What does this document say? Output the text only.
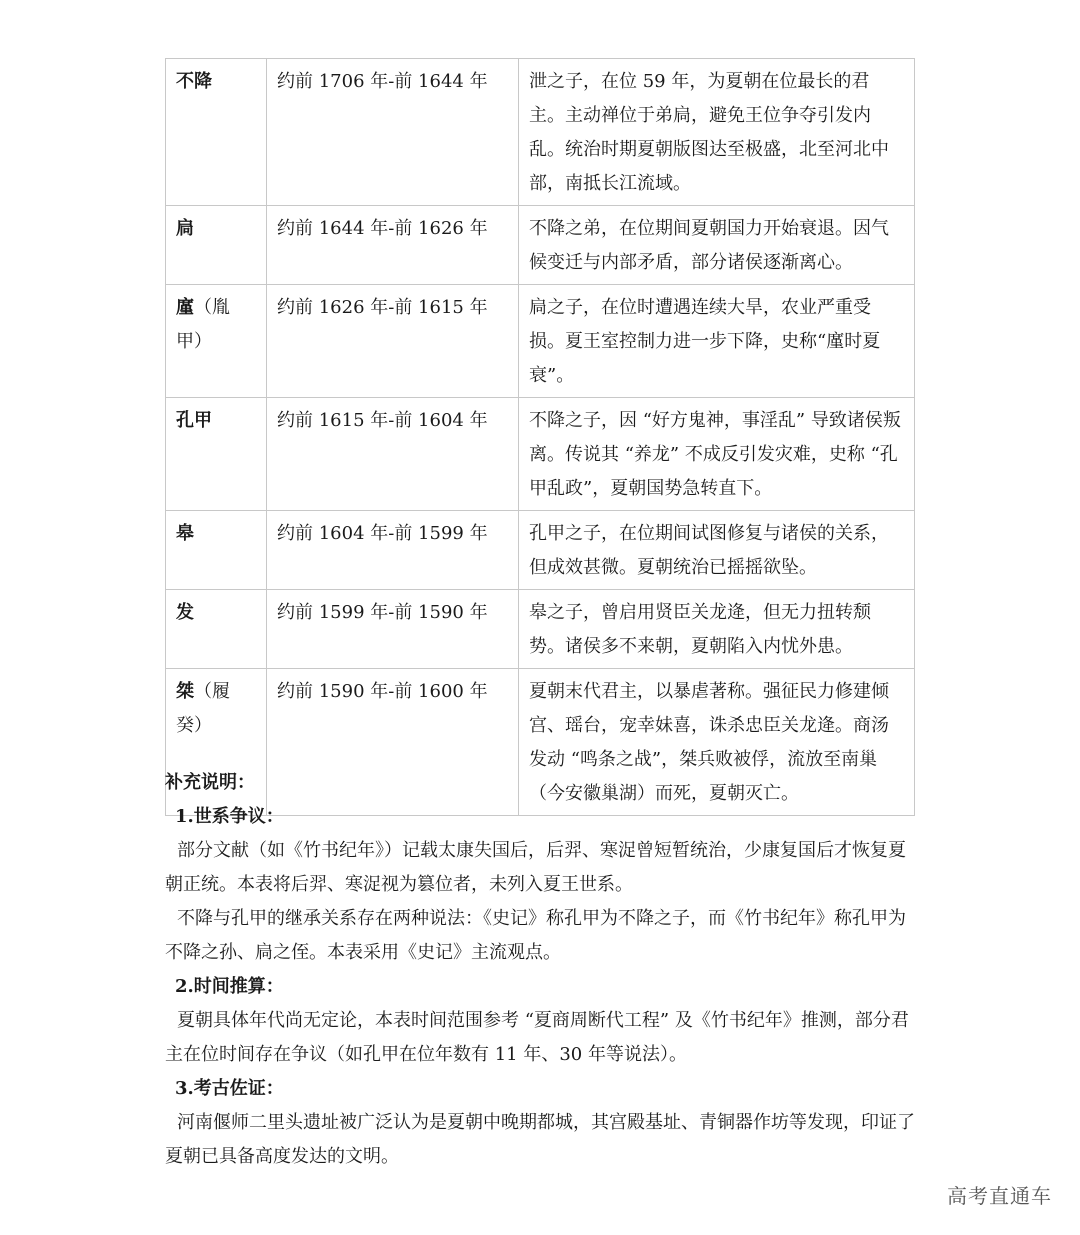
不降	约前 1706 年-前 1644 年	泄之子，在位 59 年，为夏朝在位最长的君主。主动禅位于弟扃，避免王位争夺引发内乱。统治时期夏朝版图达至极盛，北至河北中部，南抵长江流域。
扃	约前 1644 年-前 1626 年	不降之弟，在位期间夏朝国力开始衰退。因气候变迁与内部矛盾，部分诸侯逐渐离心。
廑（胤甲）	约前 1626 年-前 1615 年	扃之子，在位时遭遇连续大旱，农业严重受损。夏王室控制力进一步下降，史称“廑时夏衰”。
孔甲	约前 1615 年-前 1604 年	不降之子，因 “好方鬼神，事淫乱” 导致诸侯叛离。传说其 “养龙” 不成反引发灾难，史称 “孔甲乱政”，夏朝国势急转直下。
皋	约前 1604 年-前 1599 年	孔甲之子，在位期间试图修复与诸侯的关系，但成效甚微。夏朝统治已摇摇欲坠。
发	约前 1599 年-前 1590 年	皋之子，曾启用贤臣关龙逄，但无力扭转颓势。诸侯多不来朝，夏朝陷入内忧外患。
桀（履癸）	约前 1590 年-前 1600 年	夏朝末代君主，以暴虐著称。强征民力修建倾宫、瑶台，宠幸妹喜，诛杀忠臣关龙逄。商汤发动 “鸣条之战”，桀兵败被俘，流放至南巢（今安徽巢湖）而死，夏朝灭亡。
补充说明：
1.世系争议：

部分文献（如《竹书纪年》）记载太康失国后，后羿、寒浞曾短暂统治，少康复国后才恢复夏朝正统。本表将后羿、寒浞视为篡位者，未列入夏王世系。

不降与孔甲的继承关系存在两种说法：《史记》称孔甲为不降之子，而《竹书纪年》称孔甲为不降之孙、扃之侄。本表采用《史记》主流观点。

2.时间推算：

夏朝具体年代尚无定论，本表时间范围参考 “夏商周断代工程” 及《竹书纪年》推测，部分君主在位时间存在争议（如孔甲在位年数有 11 年、30 年等说法）。

3.考古佐证：

河南偃师二里头遗址被广泛认为是夏朝中晚期都城，其宫殿基址、青铜器作坊等发现，印证了夏朝已具备高度发达的文明。

高考直通车
